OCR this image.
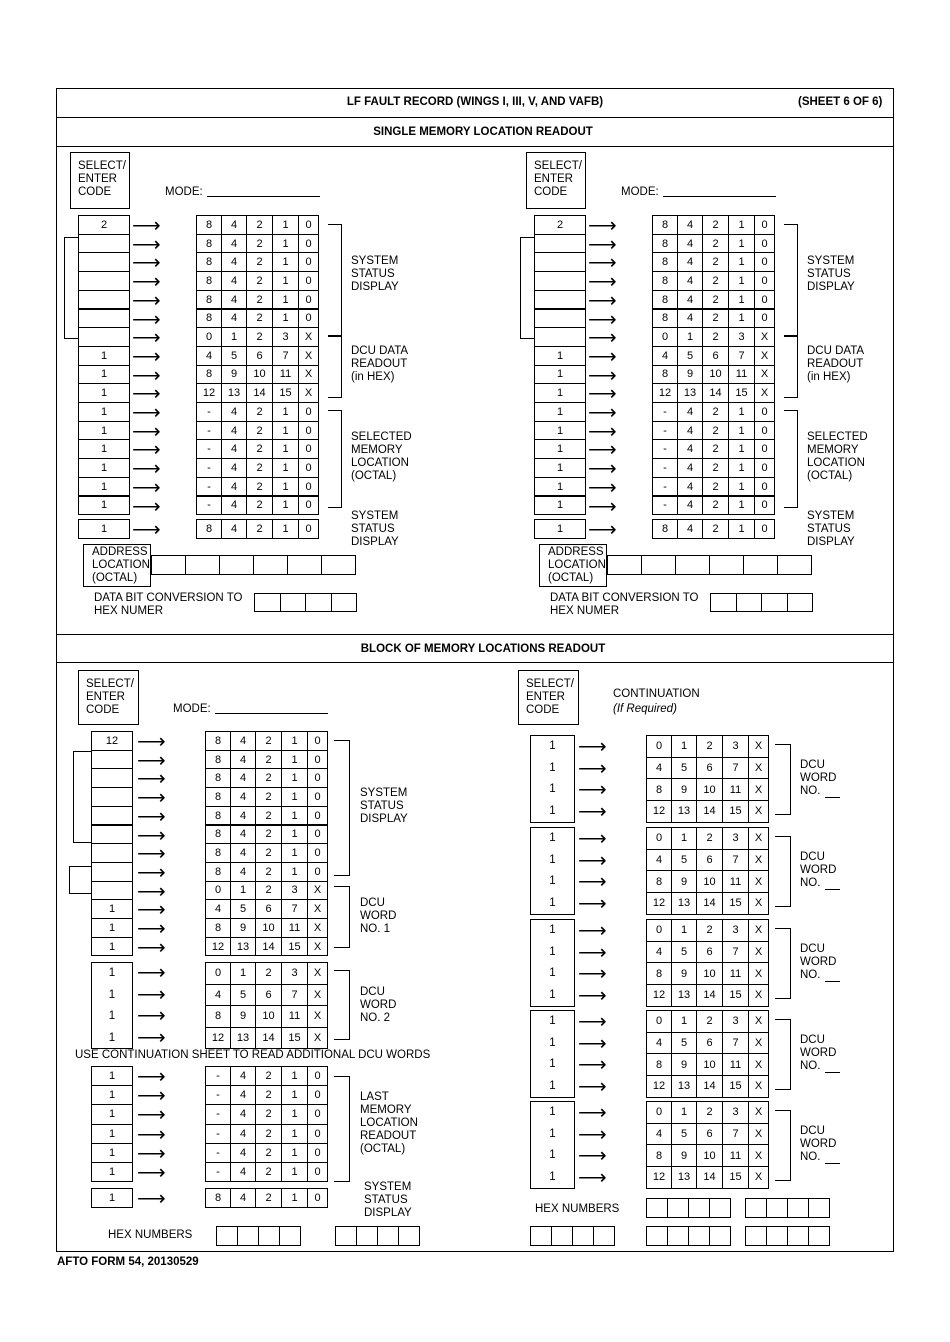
LF FAULT RECORD (WINGS I, III, V, AND VAFB)	(SHEET 6 OF 6)
SINGLE MEMORY LOCATION READOUT
SELECT/
ENTER
CODE	MODE:
2	⟶	8	4	2	1	0
⟶	8	4	2	1	0
⟶	8	4	2	1	0
⟶	8	4	2	1	0
⟶	8	4	2	1	0
⟶	8	4	2	1	0
⟶	0	1	2	3	X
1	⟶	4	5	6	7	X
1	⟶	8	9	10	11	X
1	⟶	12	13	14	15	X
1	⟶	-	4	2	1	0
1	⟶	-	4	2	1	0
1	⟶	-	4	2	1	0
1	⟶	-	4	2	1	0
1	⟶	-	4	2	1	0
1	⟶	-	4	2	1	0
1	⟶	8	4	2	1	0
SYSTEM
STATUS
DISPLAY
DCU DATA
READOUT
(in HEX)
SELECTED
MEMORY
LOCATION
(OCTAL)
SYSTEM
STATUS
DISPLAY
ADDRESS
LOCATION
(OCTAL)
DATA BIT CONVERSION TO
HEX NUMER
SELECT/
ENTER
CODE	MODE:
2	⟶	8	4	2	1	0
⟶	8	4	2	1	0
⟶	8	4	2	1	0
⟶	8	4	2	1	0
⟶	8	4	2	1	0
⟶	8	4	2	1	0
⟶	0	1	2	3	X
1	⟶	4	5	6	7	X
1	⟶	8	9	10	11	X
1	⟶	12	13	14	15	X
1	⟶	-	4	2	1	0
1	⟶	-	4	2	1	0
1	⟶	-	4	2	1	0
1	⟶	-	4	2	1	0
1	⟶	-	4	2	1	0
1	⟶	-	4	2	1	0
1	⟶	8	4	2	1	0
SYSTEM
STATUS
DISPLAY
DCU DATA
READOUT
(in HEX)
SELECTED
MEMORY
LOCATION
(OCTAL)
SYSTEM
STATUS
DISPLAY
ADDRESS
LOCATION
(OCTAL)
DATA BIT CONVERSION TO
HEX NUMER
BLOCK OF MEMORY LOCATIONS READOUT
SELECT/
ENTER
CODE	MODE:
12 ⟶	8	4	2	1	0
⟶	8	4	2	1	0
⟶	8	4	2	1	0
⟶	8	4	2	1	0
⟶	8	4	2	1	0
⟶	8	4	2	1	0
⟶	8	4	2	1	0
⟶	8	4	2	1	0
⟶	0	1	2	3	X
1	⟶	4	5	6	7	X
1	⟶	8	9	10	11	X
1	⟶	12	13	14	15	X
SYSTEM
STATUS
DISPLAY
DCU
WORD
NO. 1
1	⟶	0	1	2	3	X
1	⟶	4	5	6	7	X
1	⟶	8	9	10	11	X
1	⟶	12	13	14	15	X
DCU
WORD
NO. 2
USE CONTINUATION SHEET TO READ ADDITIONAL DCU WORDS
1	⟶	-	4	2	1	0
1	⟶	-	4	2	1	0
1	⟶	-	4	2	1	0
1	⟶	-	4	2	1	0
1	⟶	-	4	2	1	0
1	⟶	-	4	2	1	0
LAST
MEMORY
LOCATION
READOUT
(OCTAL)
1	⟶	8	4	2	1	0
SYSTEM
STATUS
DISPLAY
HEX NUMBERS
SELECT/
ENTER
CODE
CONTINUATION
(If Required)
1	⟶	0	1	2	3	X
1	⟶	4	5	6	7	X
1	⟶	8	9	10	11	X
1	⟶	12	13	14	15	X
DCU
WORD
NO.
1	⟶	0	1	2	3	X
1	⟶	4	5	6	7	X
1	⟶	8	9	10	11	X
1	⟶	12	13	14	15	X
DCU
WORD
NO.
1	⟶	0	1	2	3	X
1	⟶	4	5	6	7	X
1	⟶	8	9	10	11	X
1	⟶	12	13	14	15	X
DCU
WORD
NO.
1	⟶	0	1	2	3	X
1	⟶	4	5	6	7	X
1	⟶	8	9	10	11	X
1	⟶	12	13	14	15	X
DCU
WORD
NO.
1	⟶	0	1	2	3	X
1	⟶	4	5	6	7	X
1	⟶	8	9	10	11	X
1	⟶	12	13	14	15	X
DCU
WORD
NO.
HEX NUMBERS
AFTO FORM 54, 20130529
